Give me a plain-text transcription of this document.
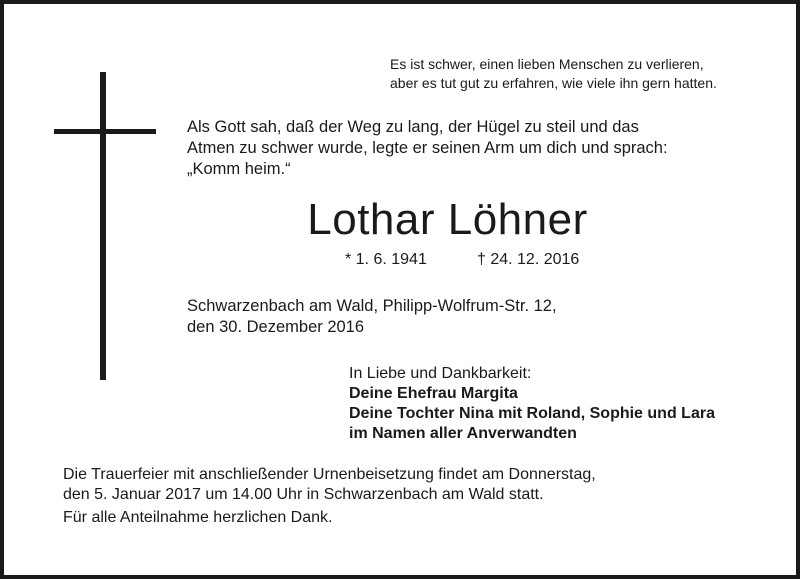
Es ist schwer, einen lieben Menschen zu verlieren,
aber es tut gut zu erfahren, wie viele ihn gern hatten.
Als Gott sah, daß der Weg zu lang, der Hügel zu steil und das
Atmen zu schwer wurde, legte er seinen Arm um dich und sprach:
„Komm heim.“
Lothar Löhner
* 1. 6. 1941	† 24. 12. 2016
Schwarzenbach am Wald, Philipp-Wolfrum-Str. 12,
den 30. Dezember 2016
In Liebe und Dankbarkeit:
Deine Ehefrau Margita
Deine Tochter Nina mit Roland, Sophie und Lara
im Namen aller Anverwandten
Die Trauerfeier mit anschließender Urnenbeisetzung findet am Donnerstag,
den 5. Januar 2017 um 14.00 Uhr in Schwarzenbach am Wald statt.
Für alle Anteilnahme herzlichen Dank.
